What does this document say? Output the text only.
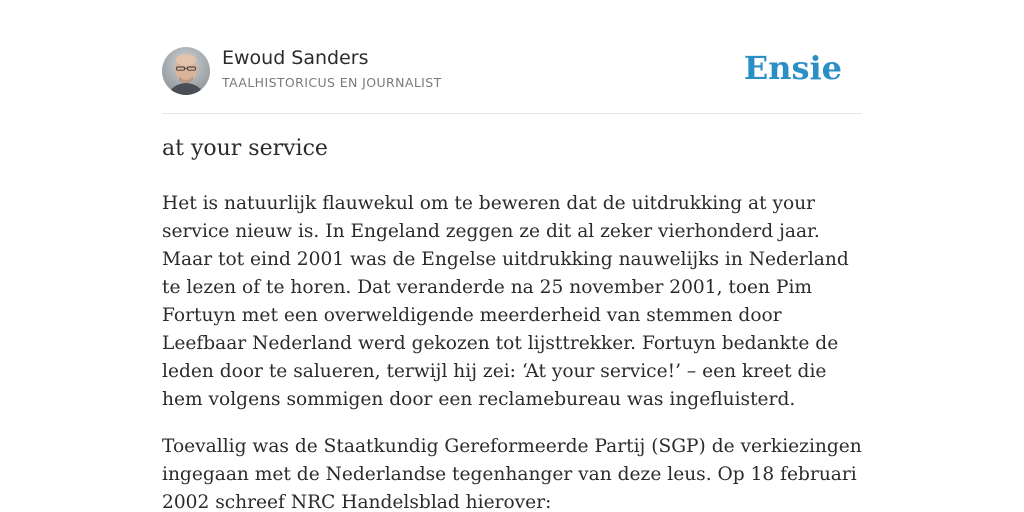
Ewoud Sanders
TAALHISTORICUS EN JOURNALIST	Ensie
at your service

Het is natuurlijk flauwekul om te beweren dat de uitdrukking at your service nieuw is. In Engeland zeggen ze dit al zeker vierhonderd jaar. Maar tot eind 2001 was de Engelse uitdrukking nauwelijks in Nederland te lezen of te horen. Dat veranderde na 25 november 2001, toen Pim Fortuyn met een overweldigende meerderheid van stemmen door Leefbaar Nederland werd gekozen tot lijsttrekker. Fortuyn bedankte de leden door te salueren, terwijl hij zei: ‘At your service!’ – een kreet die hem volgens sommigen door een reclamebureau was ingefluisterd.

Toevallig was de Staatkundig Gereformeerde Partij (SGP) de verkiezingen ingegaan met de Nederlandse tegenhanger van deze leus. Op 18 februari 2002 schreef NRC Handelsblad hierover:
